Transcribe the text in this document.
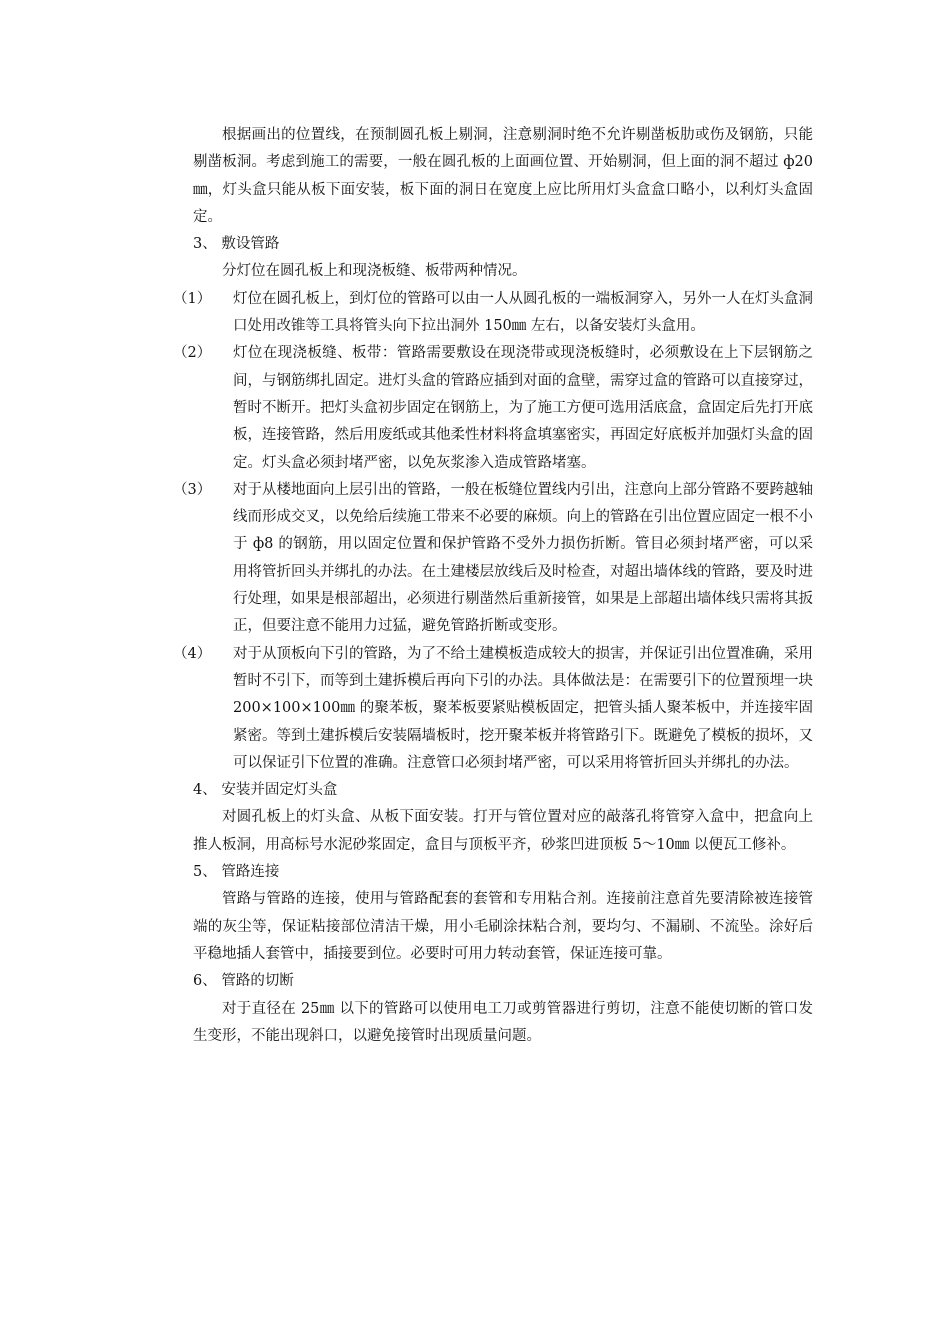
根据画出的位置线，在预制圆孔板上剔洞，注意剔洞时绝不允许剔凿板肋或伤及钢筋，只能剔凿板洞。考虑到施工的需要，一般在圆孔板的上面画位置、开始剔洞，但上面的洞不超过 ф20㎜，灯头盒只能从板下面安装，板下面的洞日在宽度上应比所用灯头盒盒口略小，以利灯头盒固定。

3、 敷设管路

分灯位在圆孔板上和现浇板缝、板带两种情况。

（1）	灯位在圆孔板上，到灯位的管路可以由一人从圆孔板的一端板洞穿入，另外一人在灯头盒洞口处用改锥等工具将管头向下拉出洞外 150㎜ 左右，以备安装灯头盒用。
（2）	灯位在现浇板缝、板带：管路需要敷设在现浇带或现浇板缝时，必须敷设在上下层钢筋之间，与钢筋绑扎固定。进灯头盒的管路应插到对面的盒壁，需穿过盒的管路可以直接穿过，暂时不断开。把灯头盒初步固定在钢筋上，为了施工方便可选用活底盒，盒固定后先打开底板，连接管路，然后用废纸或其他柔性材料将盒填塞密实，再固定好底板并加强灯头盒的固定。灯头盒必须封堵严密，以免灰浆渗入造成管路堵塞。
（3）	对于从楼地面向上层引出的管路，一般在板缝位置线内引出，注意向上部分管路不要跨越轴线而形成交叉，以免给后续施工带来不必要的麻烦。向上的管路在引出位置应固定一根不小于 ф8 的钢筋，用以固定位置和保护管路不受外力损伤折断。管目必须封堵严密，可以采用将管折回头并绑扎的办法。在土建楼层放线后及时检查，对超出墙体线的管路，要及时进行处理，如果是根部超出，必须进行剔凿然后重新接管，如果是上部超出墙体线只需将其扳正，但要注意不能用力过猛，避免管路折断或变形。
（4）	对于从顶板向下引的管路，为了不给土建模板造成较大的损害，并保证引出位置准确，采用暂时不引下，而等到土建拆模后再向下引的办法。具体做法是：在需要引下的位置预埋一块 200×100×100㎜ 的聚苯板，聚苯板要紧贴模板固定，把管头插人聚苯板中，并连接牢固紧密。等到土建拆模后安装隔墙板时，挖开聚苯板并将管路引下。既避免了模板的损坏，又可以保证引下位置的准确。注意管口必须封堵严密，可以采用将管折回头并绑扎的办法。

4、 安装并固定灯头盒

对圆孔板上的灯头盒、从板下面安装。打开与管位置对应的敲落孔将管穿入盒中，把盒向上推人板洞，用高标号水泥砂浆固定，盒目与顶板平齐，砂浆凹进顶板 5～10㎜ 以便瓦工修补。

5、 管路连接

管路与管路的连接，使用与管路配套的套管和专用粘合剂。连接前注意首先要清除被连接管端的灰尘等，保证粘接部位清洁干燥，用小毛刷涂抹粘合剂，要均匀、不漏刷、不流坠。涂好后平稳地插人套管中，插接要到位。必要时可用力转动套管，保证连接可靠。

6、 管路的切断

对于直径在 25㎜ 以下的管路可以使用电工刀或剪管器进行剪切，注意不能使切断的管口发生变形，不能出现斜口，以避免接管时出现质量问题。
